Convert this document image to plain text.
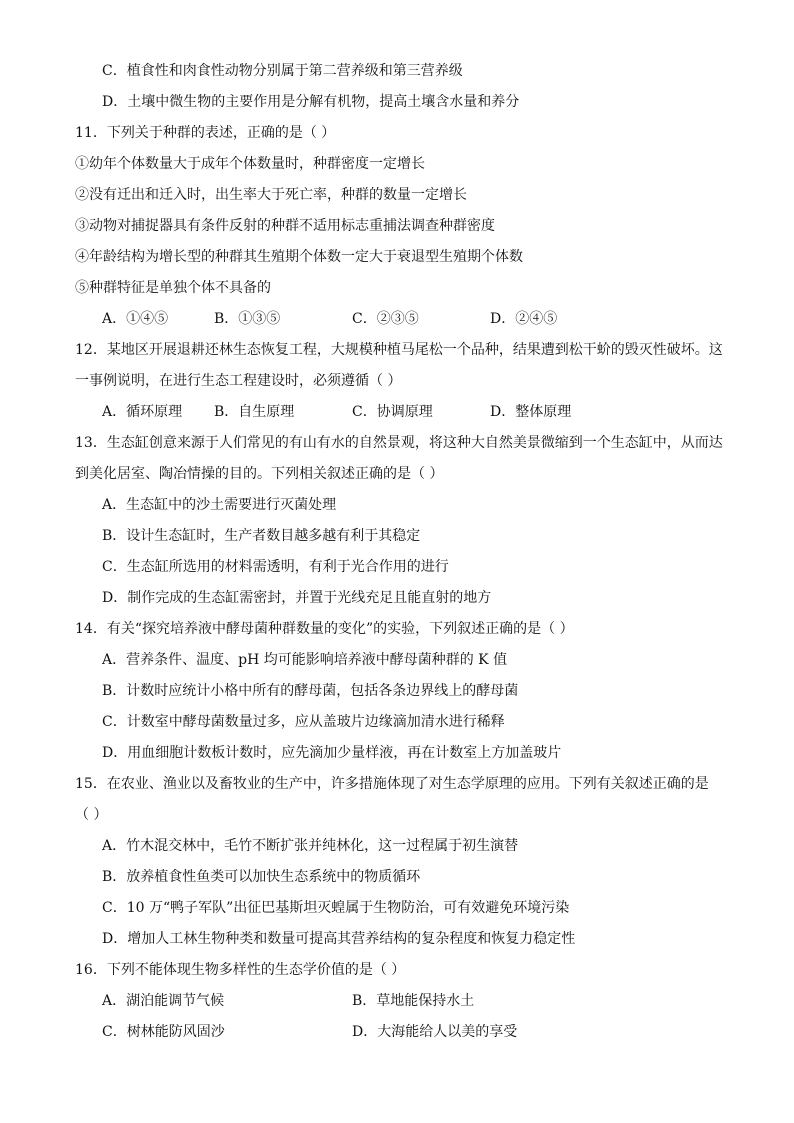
C．植食性和肉食性动物分别属于第二营养级和第三营养级
D．土壤中微生物的主要作用是分解有机物，提高土壤含水量和养分
11．下列关于种群的表述，正确的是（ ）
①幼年个体数量大于成年个体数量时，种群密度一定增长
②没有迁出和迁入时，出生率大于死亡率，种群的数量一定增长
③动物对捕捉器具有条件反射的种群不适用标志重捕法调查种群密度
④年龄结构为增长型的种群其生殖期个体数一定大于衰退型生殖期个体数
⑤种群特征是单独个体不具备的
A．①④⑤	B．①③⑤	C．②③⑤	D．②④⑤
12．某地区开展退耕还林生态恢复工程，大规模种植马尾松一个品种，结果遭到松干蚧的毁灭性破坏。这
一事例说明，在进行生态工程建设时，必须遵循（ ）
A．循环原理	B．自生原理	C．协调原理	D．整体原理
13．生态缸创意来源于人们常见的有山有水的自然景观，将这种大自然美景微缩到一个生态缸中，从而达
到美化居室、陶冶情操的目的。下列相关叙述正确的是（ ）
A．生态缸中的沙土需要进行灭菌处理
B．设计生态缸时，生产者数目越多越有利于其稳定
C．生态缸所选用的材料需透明，有利于光合作用的进行
D．制作完成的生态缸需密封，并置于光线充足且能直射的地方
14．有关“探究培养液中酵母菌种群数量的变化”的实验，下列叙述正确的是（ ）
A．营养条件、温度、pH 均可能影响培养液中酵母菌种群的 K 值
B．计数时应统计小格中所有的酵母菌，包括各条边界线上的酵母菌
C．计数室中酵母菌数量过多，应从盖玻片边缘滴加清水进行稀释
D．用血细胞计数板计数时，应先滴加少量样液，再在计数室上方加盖玻片
15．在农业、渔业以及畜牧业的生产中，许多措施体现了对生态学原理的应用。下列有关叙述正确的是
（ ）
A．竹木混交林中，毛竹不断扩张并纯林化，这一过程属于初生演替
B．放养植食性鱼类可以加快生态系统中的物质循环
C．10 万“鸭子军队”出征巴基斯坦灭蝗属于生物防治，可有效避免环境污染
D．增加人工林生物种类和数量可提高其营养结构的复杂程度和恢复力稳定性
16．下列不能体现生物多样性的生态学价值的是（ ）
A．湖泊能调节气候	B．草地能保持水土
C．树林能防风固沙	D．大海能给人以美的享受
